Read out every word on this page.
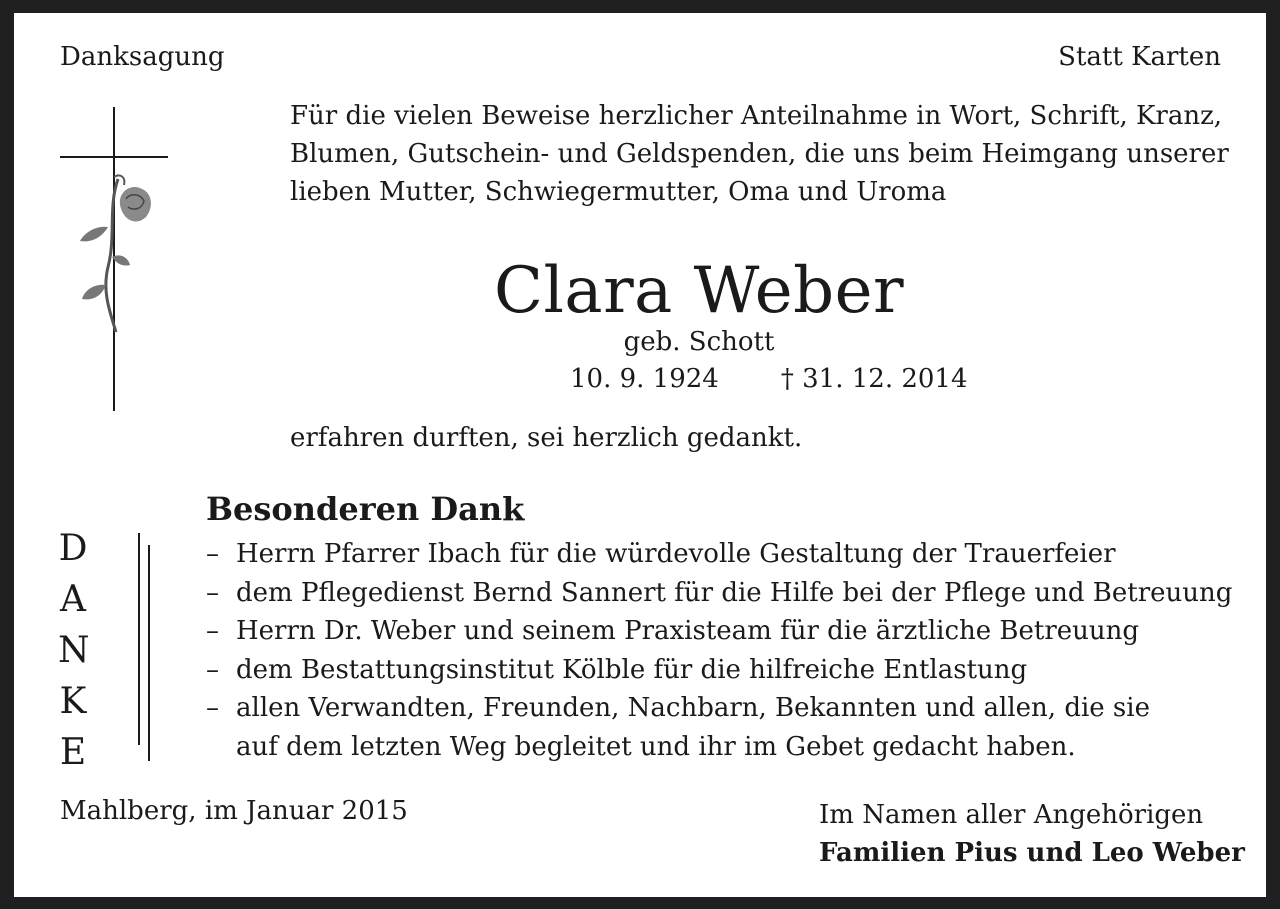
Danksagung	Statt Karten
Für die vielen Beweise herzlicher Anteilnahme in Wort, Schrift, Kranz,
Blumen, Gutschein- und Geldspenden, die uns beim Heimgang unserer
lieben Mutter, Schwiegermutter, Oma und Uroma
Clara Weber
geb. Schott
10. 9. 1924 † 31. 12. 2014
erfahren durften, sei herzlich gedankt.
Besonderen Dank
– Herrn Pfarrer Ibach für die würdevolle Gestaltung der Trauerfeier
– dem Pflegedienst Bernd Sannert für die Hilfe bei der Pflege und Betreuung
– Herrn Dr. Weber und seinem Praxisteam für die ärztliche Betreuung
– dem Bestattungsinstitut Kölble für die hilfreiche Entlastung
– allen Verwandten, Freunden, Nachbarn, Bekannten und allen, die sie
auf dem letzten Weg begleitet und ihr im Gebet gedacht haben.
D
A
N
K
E
Mahlberg, im Januar 2015	Im Namen aller Angehörigen
Familien Pius und Leo Weber
